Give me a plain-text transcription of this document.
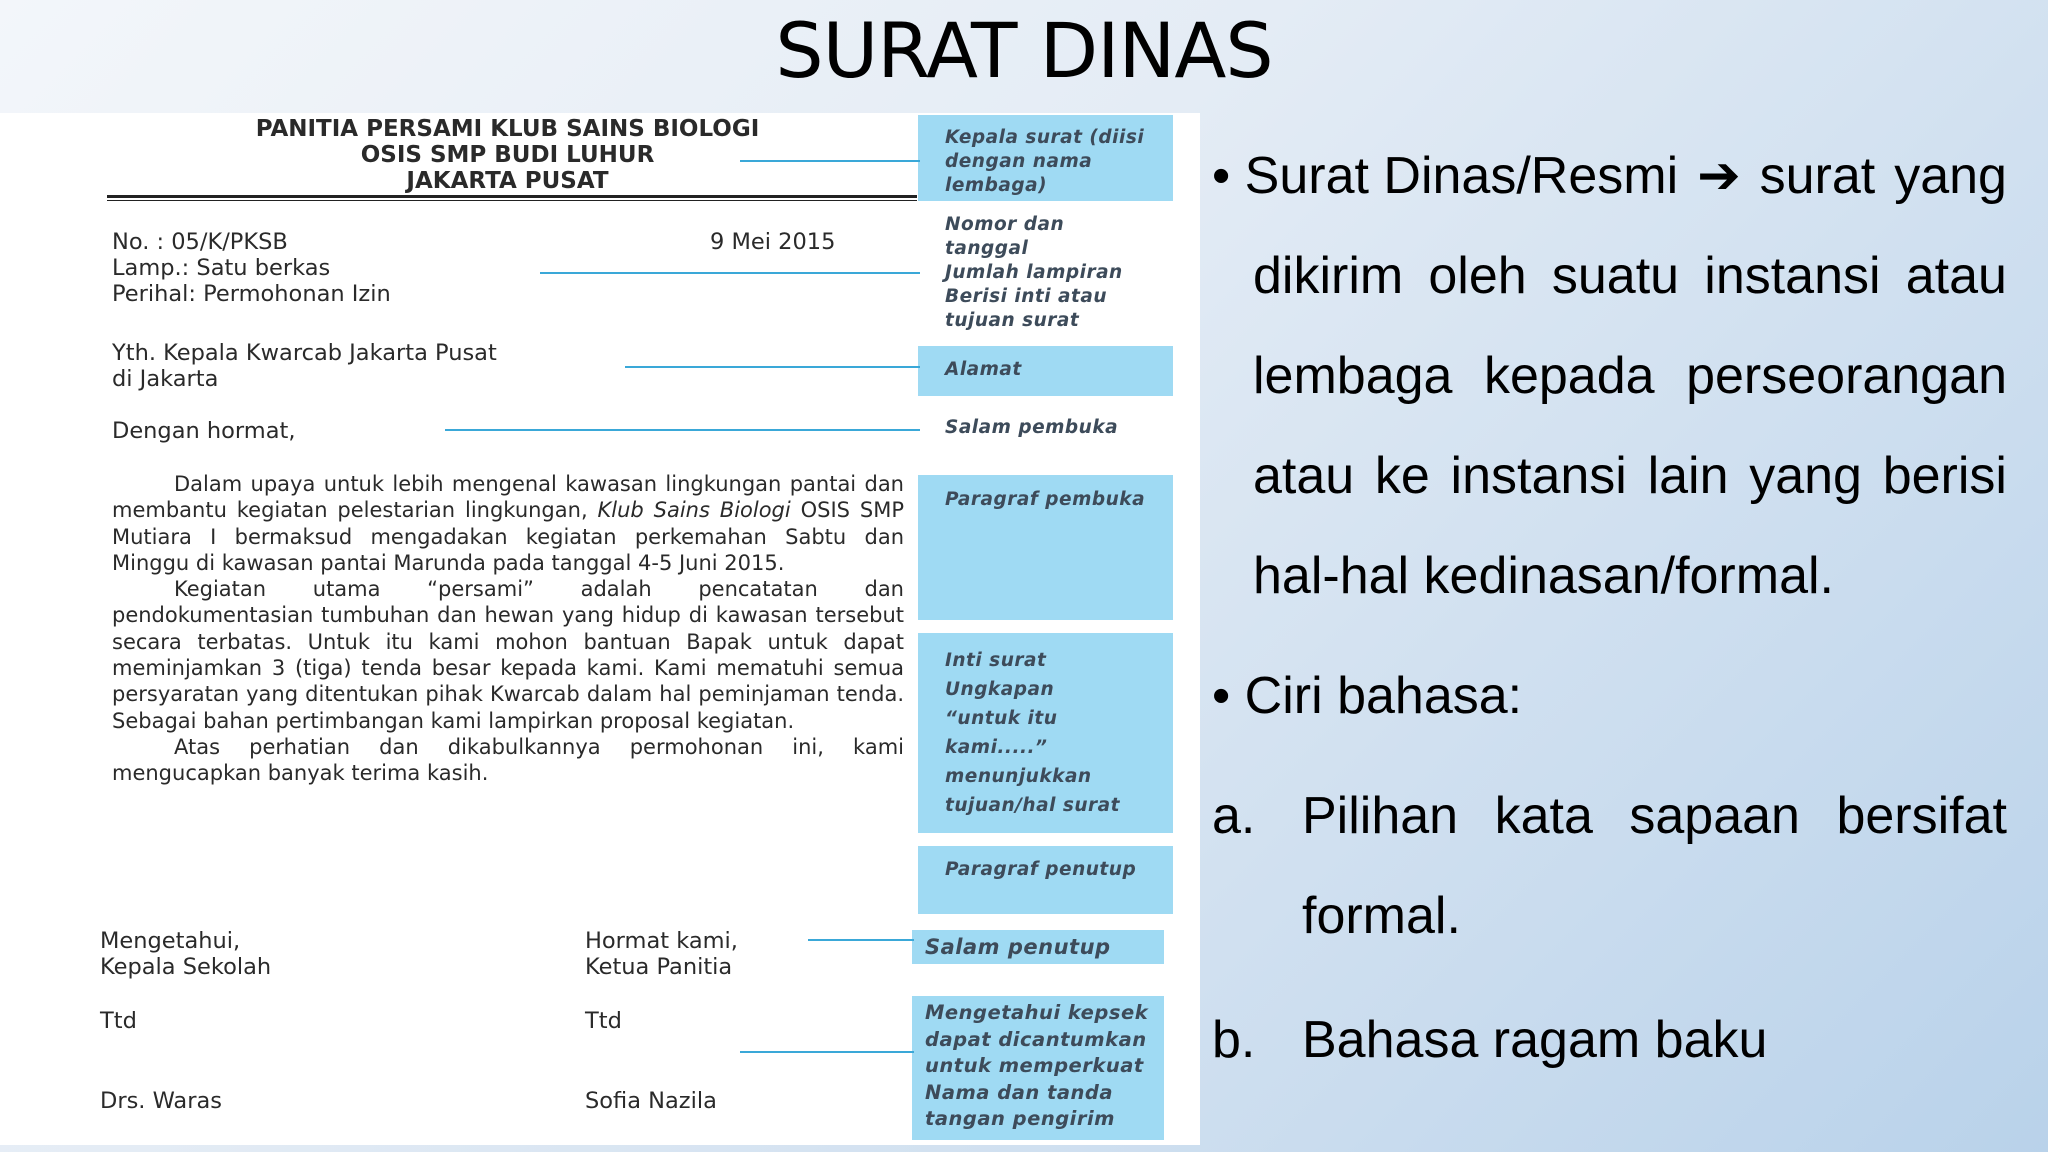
SURAT DINAS
PANITIA PERSAMI KLUB SAINS BIOLOGI
OSIS SMP BUDI LUHUR
JAKARTA PUSAT
No. : 05/K/PKSB	9 Mei 2015
Lamp.: Satu berkas
Perihal: Permohonan Izin
Yth. Kepala Kwarcab Jakarta Pusat
di Jakarta
Dengan hormat,

Dalam upaya untuk lebih mengenal kawasan lingkungan pantai dan membantu kegiatan pelestarian lingkungan, Klub Sains Biologi OSIS SMP Mutiara I bermaksud mengadakan kegiatan perkemahan Sabtu dan Minggu di kawasan pantai Marunda pada tanggal 4-5 Juni 2015.

Kegiatan utama “persami” adalah pencatatan dan pendokumentasian tumbuhan dan hewan yang hidup di kawasan tersebut secara terbatas. Untuk itu kami mohon bantuan Bapak untuk dapat meminjamkan 3 (tiga) tenda besar kepada kami. Kami mematuhi semua persyaratan yang ditentukan pihak Kwarcab dalam hal peminjaman tenda. Sebagai bahan pertimbangan kami lampirkan proposal kegiatan.

Atas perhatian dan dikabulkannya permohonan ini, kami mengucapkan banyak terima kasih.

Mengetahui,
Kepala Sekolah
Hormat kami,
Ketua Panitia
Ttd	Ttd
Drs. Waras	Sofia Nazila
Kepala surat (diisi
dengan nama
lembaga)
Nomor dan
tanggal
Jumlah lampiran
Berisi inti atau
tujuan surat
Alamat
Salam pembuka
Paragraf pembuka
Inti surat
Ungkapan
“untuk itu
kami.....”
menunjukkan
tujuan/hal surat
Paragraf penutup
Salam penutup
Mengetahui kepsek
dapat dicantumkan
untuk memperkuat
Nama dan tanda
tangan pengirim
• Surat Dinas/Resmi ➔ surat yang
dikirim oleh suatu instansi atau
lembaga kepada perseorangan
atau ke instansi lain yang berisi
hal-hal kedinasan/formal.
• Ciri bahasa:
a. Pilihan kata sapaan bersifat
formal.
b. Bahasa ragam baku
